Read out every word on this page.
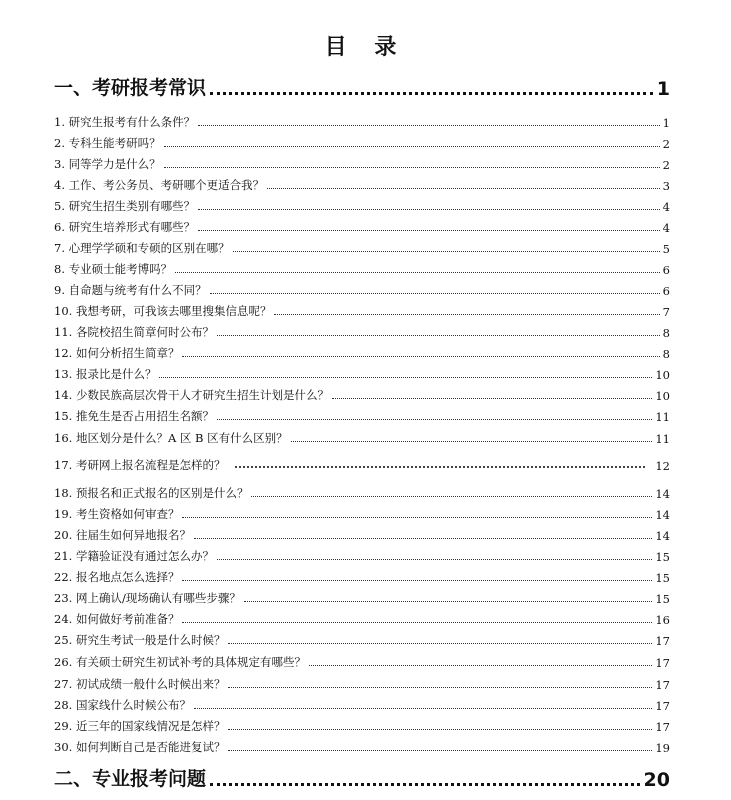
目 录
一、考研报考常识	1
1. 研究生报考有什么条件？	1
2. 专科生能考研吗？	2
3. 同等学力是什么？	2
4. 工作、考公务员、考研哪个更适合我？	3
5. 研究生招生类别有哪些？	4
6. 研究生培养形式有哪些？	4
7. 心理学学硕和专硕的区别在哪？	5
8. 专业硕士能考博吗？	6
9. 自命题与统考有什么不同？	6
10. 我想考研，可我该去哪里搜集信息呢？	7
11. 各院校招生简章何时公布？	8
12. 如何分析招生简章？	8
13. 报录比是什么？	10
14. 少数民族高层次骨干人才研究生招生计划是什么？	10
15. 推免生是否占用招生名额？	11
16. 地区划分是什么？A 区 B 区有什么区别？	11
17. 考研网上报名流程是怎样的？	12
18. 预报名和正式报名的区别是什么？	14
19. 考生资格如何审查？	14
20. 往届生如何异地报名？	14
21. 学籍验证没有通过怎么办？	15
22. 报名地点怎么选择？	15
23. 网上确认/现场确认有哪些步骤？	15
24. 如何做好考前准备？	16
25. 研究生考试一般是什么时候？	17
26. 有关硕士研究生初试补考的具体规定有哪些？	17
27. 初试成绩一般什么时候出来？	17
28. 国家线什么时候公布？	17
29. 近三年的国家线情况是怎样？	17
30. 如何判断自己是否能进复试？	19
二、专业报考问题	20
